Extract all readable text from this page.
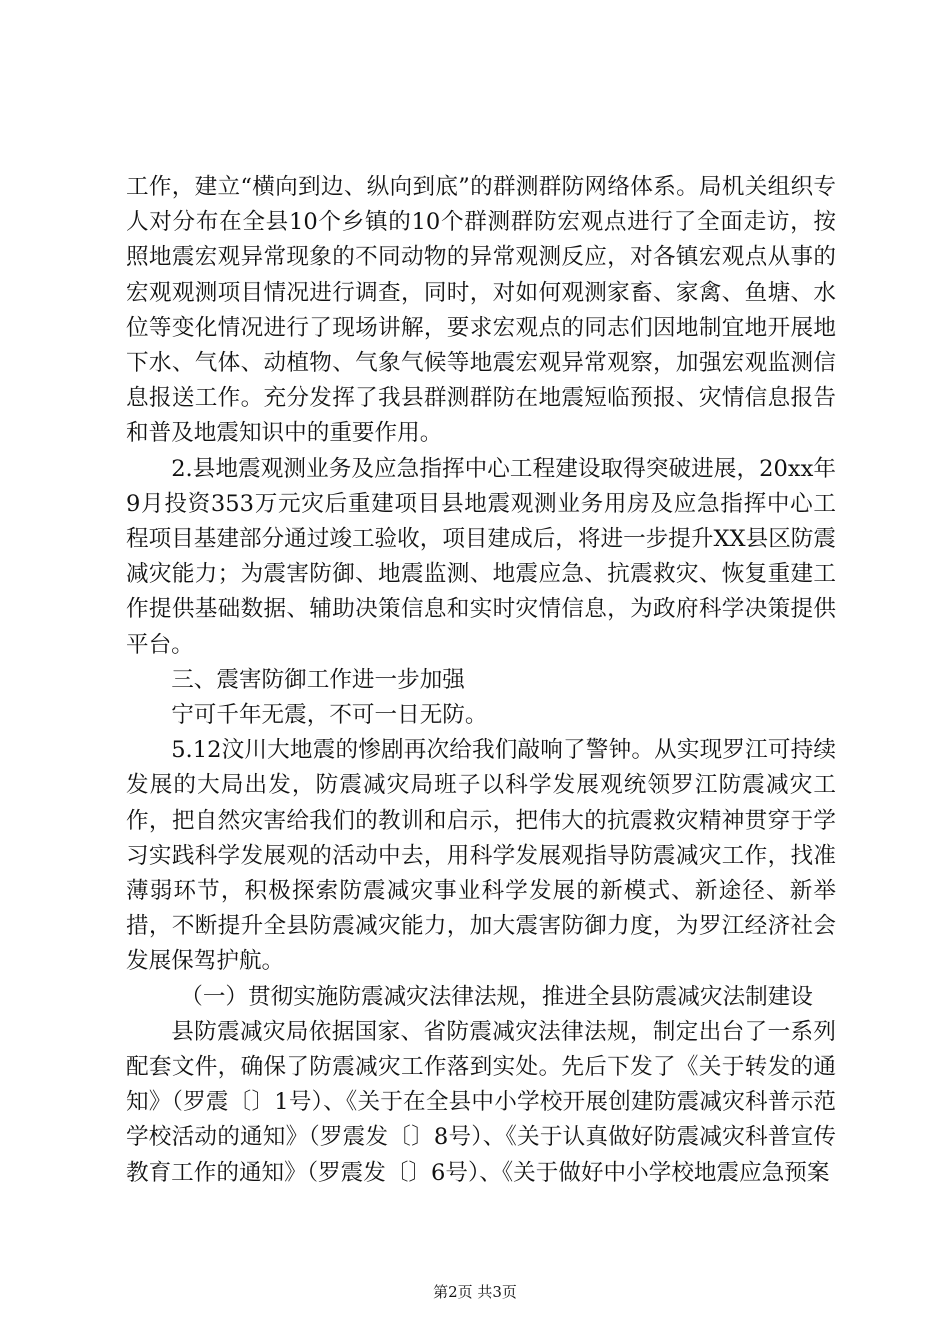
工作，建立“横向到边、纵向到底”的群测群防网络体系。局机关组织专人对分布在全县10个乡镇的10个群测群防宏观点进行了全面走访，按照地震宏观异常现象的不同动物的异常观测反应，对各镇宏观点从事的宏观观测项目情况进行调查，同时，对如何观测家畜、家禽、鱼塘、水位等变化情况进行了现场讲解，要求宏观点的同志们因地制宜地开展地下水、气体、动植物、气象气候等地震宏观异常观察，加强宏观监测信息报送工作。充分发挥了我县群测群防在地震短临预报、灾情信息报告和普及地震知识中的重要作用。

2.县地震观测业务及应急指挥中心工程建设取得突破进展，20xx年9月投资353万元灾后重建项目县地震观测业务用房及应急指挥中心工程项目基建部分通过竣工验收，项目建成后，将进一步提升XX县区防震减灾能力；为震害防御、地震监测、地震应急、抗震救灾、恢复重建工作提供基础数据、辅助决策信息和实时灾情信息，为政府科学决策提供平台。

三、震害防御工作进一步加强

宁可千年无震，不可一日无防。

5.12汶川大地震的惨剧再次给我们敲响了警钟。从实现罗江可持续发展的大局出发，防震减灾局班子以科学发展观统领罗江防震减灾工作，把自然灾害给我们的教训和启示，把伟大的抗震救灾精神贯穿于学习实践科学发展观的活动中去，用科学发展观指导防震减灾工作，找准薄弱环节，积极探索防震减灾事业科学发展的新模式、新途径、新举措，不断提升全县防震减灾能力，加大震害防御力度，为罗江经济社会发展保驾护航。

（一）贯彻实施防震减灾法律法规，推进全县防震减灾法制建设

县防震减灾局依据国家、省防震减灾法律法规，制定出台了一系列配套文件，确保了防震减灾工作落到实处。先后下发了《关于转发的通知》（罗震〔〕1号）、《关于在全县中小学校开展创建防震减灾科普示范学校活动的通知》（罗震发〔〕8号）、《关于认真做好防震减灾科普宣传教育工作的通知》（罗震发〔〕6号）、《关于做好中小学校地震应急预案

第2页 共3页
